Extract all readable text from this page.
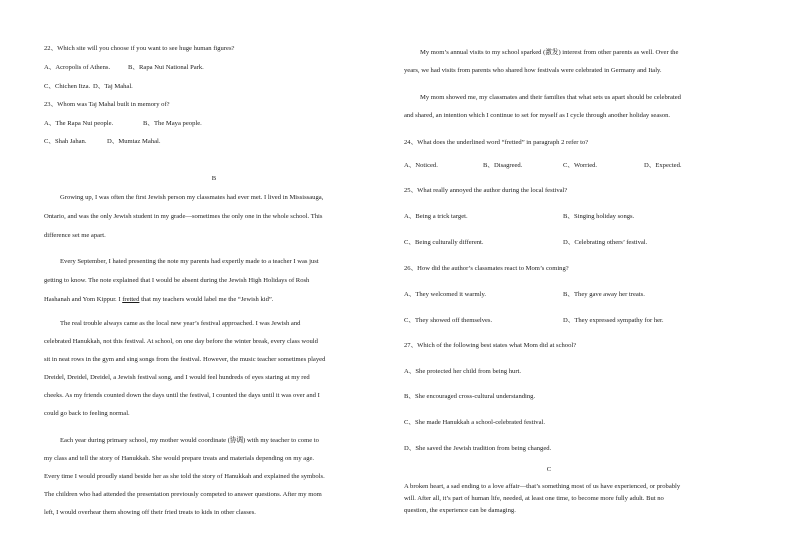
22、Which site will you choose if you want to see huge human figures?
A、Acropolis of Athens.	B、Rapa Nui National Park.
C、Chichen Itza. D、Taj Mahal.
23、Whom was Taj Mahal built in memory of?
A、The Rapa Nui people.	B、The Maya people.
C、Shah Jahan.	D、Mumtaz Mahal.
B
Growing up, I was often the first Jewish person my classmates had ever met. I lived in Mississauga,
Ontario, and was the only Jewish student in my grade—sometimes the only one in the whole school. This
difference set me apart.
Every September, I hated presenting the note my parents had expertly made to a teacher I was just
getting to know. The note explained that I would be absent during the Jewish High Holidays of Rosh
Hashanah and Yom Kippur. I fretted that my teachers would label me the “Jewish kid”.
The real trouble always came as the local new year’s festival approached. I was Jewish and
celebrated Hanukkah, not this festival. At school, on one day before the winter break, every class would
sit in neat rows in the gym and sing songs from the festival. However, the music teacher sometimes played
Dreidel, Dreidel, Dreidel, a Jewish festival song, and I would feel hundreds of eyes staring at my red
cheeks. As my friends counted down the days until the festival, I counted the days until it was over and I
could go back to feeling normal.
Each year during primary school, my mother would coordinate (协调) with my teacher to come to
my class and tell the story of Hanukkah. She would prepare treats and materials depending on my age.
Every time I would proudly stand beside her as she told the story of Hanukkah and explained the symbols.
The children who had attended the presentation previously competed to answer questions. After my mom
left, I would overhear them showing off their fried treats to kids in other classes.
My mom’s annual visits to my school sparked (激发) interest from other parents as well. Over the
years, we had visits from parents who shared how festivals were celebrated in Germany and Italy.
My mom showed me, my classmates and their families that what sets us apart should be celebrated
and shared, an intention which I continue to set for myself as I cycle through another holiday season.
24、What does the underlined word “fretted” in paragraph 2 refer to?
A、Noticed.	B、Disagreed.	C、Worried.	D、Expected.
25、What really annoyed the author during the local festival?
A、Being a trick target.	B、Singing holiday songs.
C、Being culturally different.	D、Celebrating others’ festival.
26、How did the author’s classmates react to Mom’s coming?
A、They welcomed it warmly.	B、They gave away her treats.
C、They showed off themselves.	D、They expressed sympathy for her.
27、Which of the following best states what Mom did at school?
A、She protected her child from being hurt.
B、She encouraged cross-cultural understanding.
C、She made Hanukkah a school-celebrated festival.
D、She saved the Jewish tradition from being changed.
C
A broken heart, a sad ending to a love affair—that’s something most of us have experienced, or probably
will. After all, it’s part of human life, needed, at least one time, to become more fully adult. But no
question, the experience can be damaging.
